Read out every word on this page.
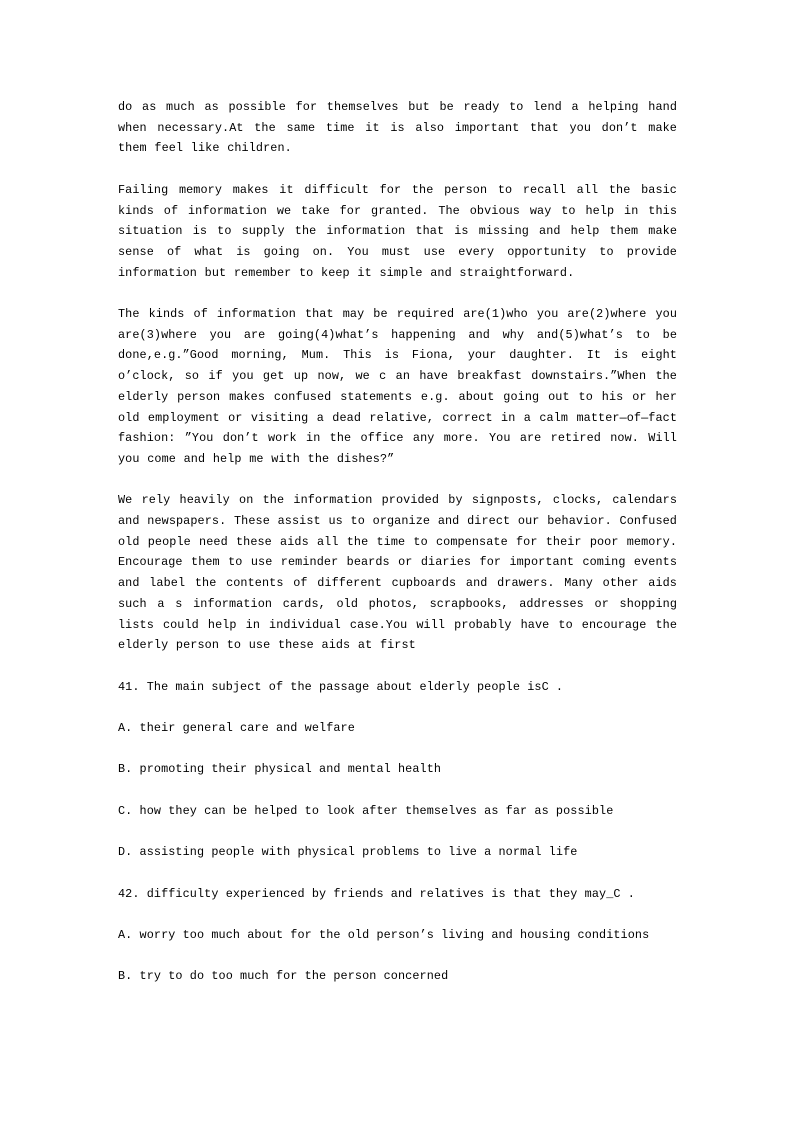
do as much as possible for themselves but be ready to lend a helping hand when necessary.At the same time it is also important that you don’t make them feel like children.

Failing memory makes it difficult for the person to recall all the basic kinds of information we take for granted. The obvious way to help in this situation is to supply the information that is missing and help them make sense of what is going on. You must use every opportunity to provide information but remember to keep it simple and straightforward.

The kinds of information that may be required are(1)who you are(2)where you are(3)where you are going(4)what’s happening and why and(5)what’s to be done,e.g.”Good morning, Mum. This is Fiona, your daughter. It is eight o’clock, so if you get up now, we c an have breakfast downstairs.”When the elderly person makes confused statements e.g. about going out to his or her old employment or visiting a dead relative, correct in a calm matter—of—fact fashion: ”You don’t work in the office any more. You are retired now. Will you come and help me with the dishes?”

We rely heavily on the information provided by signposts, clocks, calendars and newspapers. These assist us to organize and direct our behavior. Confused old people need these aids all the time to compensate for their poor memory. Encourage them to use reminder beards or diaries for important coming events and label the contents of different cupboards and drawers. Many other aids such a s information cards, old photos, scrapbooks, addresses or shopping lists could help in individual case.You will probably have to encourage the elderly person to use these aids at first

41. The main subject of the passage about elderly people isC .

A. their general care and welfare

B. promoting their physical and mental health

C. how they can be helped to look after themselves as far as possible

D. assisting people with physical problems to live a normal life

42. difficulty experienced by friends and relatives is that they may_C .

A. worry too much about for the old person’s living and housing conditions

B. try to do too much for the person concerned
